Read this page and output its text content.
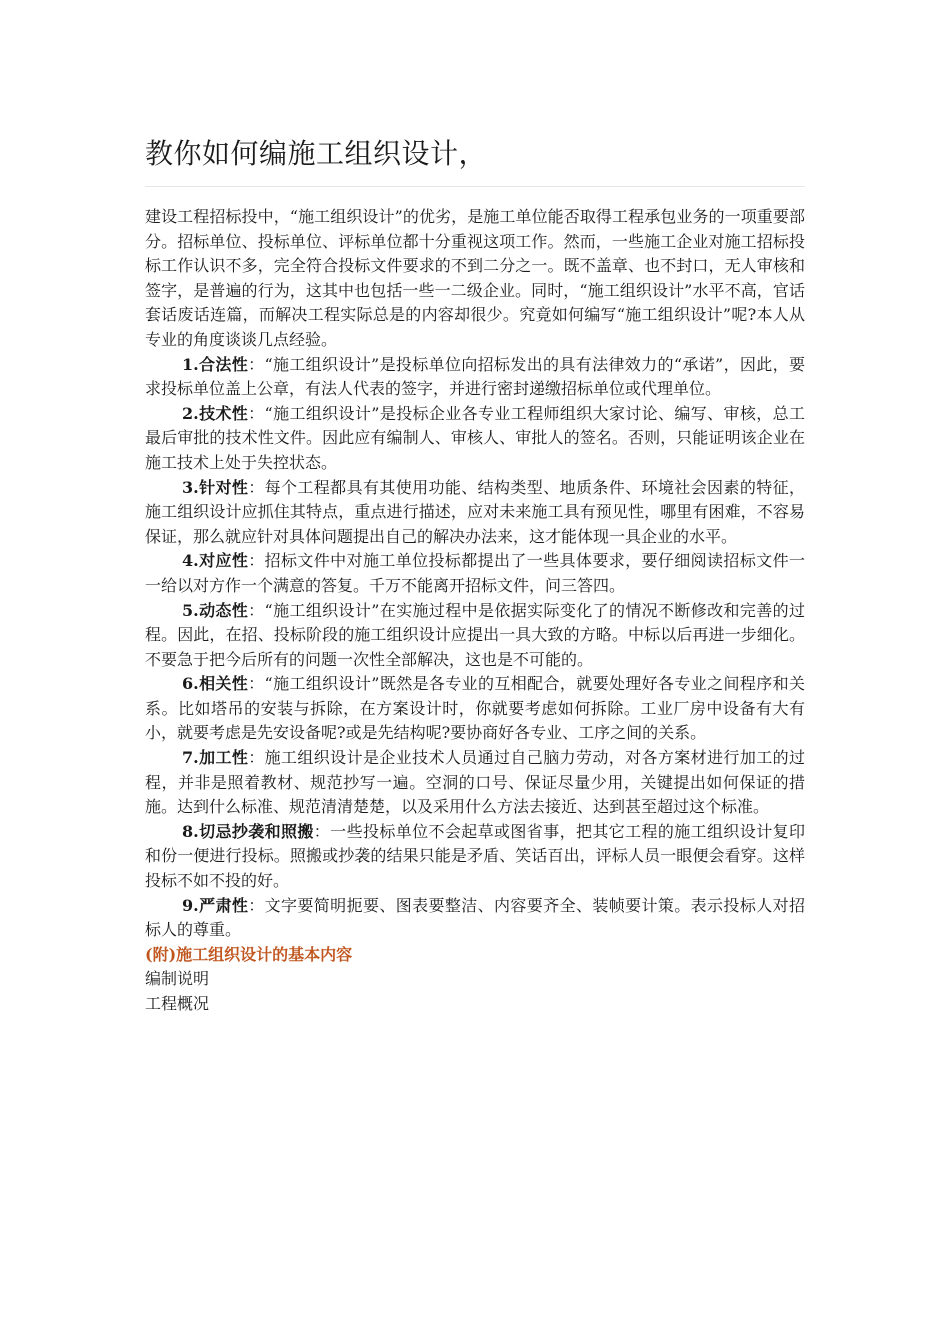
教你如何编施工组织设计，

建设工程招标投中，“施工组织设计”的优劣，是施工单位能否取得工程承包业务的一项重要部分。招标单位、投标单位、评标单位都十分重视这项工作。然而，一些施工企业对施工招标投标工作认识不多，完全符合投标文件要求的不到二分之一。既不盖章、也不封口，无人审核和签字，是普遍的行为，这其中也包括一些一二级企业。同时，“施工组织设计”水平不高，官话套话废话连篇，而解决工程实际总是的内容却很少。究竟如何编写“施工组织设计”呢?本人从专业的角度谈谈几点经验。

1.合法性：“施工组织设计”是投标单位向招标发出的具有法律效力的“承诺”，因此，要求投标单位盖上公章，有法人代表的签字，并进行密封递缴招标单位或代理单位。

2.技术性：“施工组织设计”是投标企业各专业工程师组织大家讨论、编写、审核，总工最后审批的技术性文件。因此应有编制人、审核人、审批人的签名。否则，只能证明该企业在施工技术上处于失控状态。

3.针对性：每个工程都具有其使用功能、结构类型、地质条件、环境社会因素的特征，施工组织设计应抓住其特点，重点进行描述，应对未来施工具有预见性，哪里有困难，不容易保证，那么就应针对具体问题提出自己的解决办法来，这才能体现一具企业的水平。

4.对应性：招标文件中对施工单位投标都提出了一些具体要求，要仔细阅读招标文件一一给以对方作一个满意的答复。千万不能离开招标文件，问三答四。

5.动态性：“施工组织设计”在实施过程中是依据实际变化了的情况不断修改和完善的过程。因此，在招、投标阶段的施工组织设计应提出一具大致的方略。中标以后再进一步细化。不要急于把今后所有的问题一次性全部解决，这也是不可能的。

6.相关性：“施工组织设计”既然是各专业的互相配合，就要处理好各专业之间程序和关系。比如塔吊的安装与拆除，在方案设计时，你就要考虑如何拆除。工业厂房中设备有大有小，就要考虑是先安设备呢?或是先结构呢?要协商好各专业、工序之间的关系。

7.加工性：施工组织设计是企业技术人员通过自己脑力劳动，对各方案材进行加工的过程，并非是照着教材、规范抄写一遍。空洞的口号、保证尽量少用，关键提出如何保证的措施。达到什么标准、规范清清楚楚，以及采用什么方法去接近、达到甚至超过这个标准。

8.切忌抄袭和照搬：一些投标单位不会起草或图省事，把其它工程的施工组织设计复印和份一便进行投标。照搬或抄袭的结果只能是矛盾、笑话百出，评标人员一眼便会看穿。这样投标不如不投的好。

9.严肃性：文字要简明扼要、图表要整洁、内容要齐全、装帧要计策。表示投标人对招标人的尊重。

(附)施工组织设计的基本内容

编制说明

工程概况
